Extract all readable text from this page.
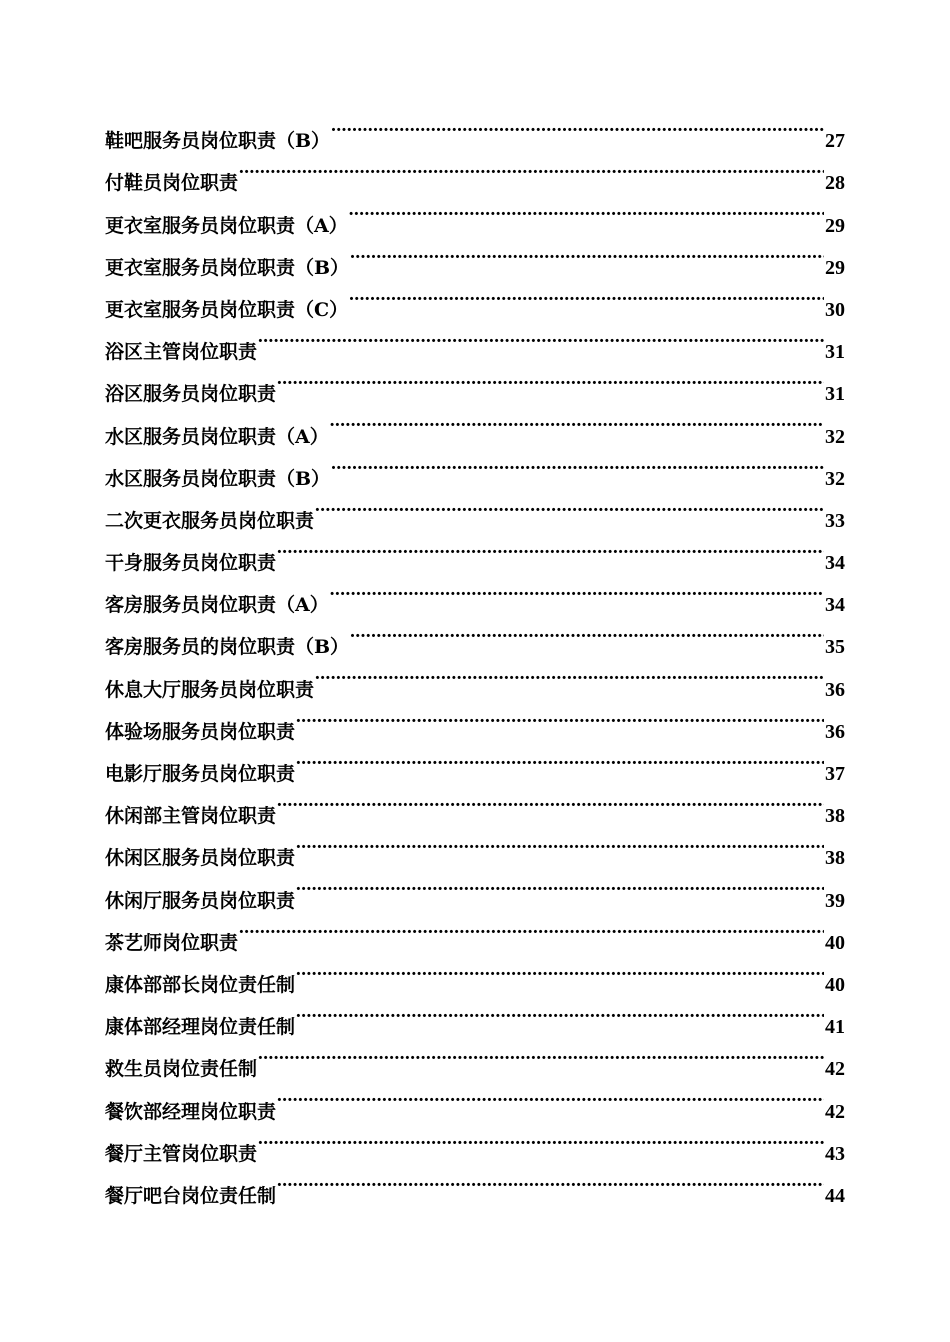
鞋吧服务员岗位职责（B） .....	27
付鞋员岗位职责 .....	28
更衣室服务员岗位职责（A） .....	29
更衣室服务员岗位职责（B） .....	29
更衣室服务员岗位职责（C） .....	30
浴区主管岗位职责 .....	31
浴区服务员岗位职责 .....	31
水区服务员岗位职责（A） .....	32
水区服务员岗位职责（B） .....	32
二次更衣服务员岗位职责 .....	33
干身服务员岗位职责 .....	34
客房服务员岗位职责（A） .....	34
客房服务员的岗位职责（B） .....	35
休息大厅服务员岗位职责 .....	36
体验场服务员岗位职责 .....	36
电影厅服务员岗位职责 .....	37
休闲部主管岗位职责 .....	38
休闲区服务员岗位职责 .....	38
休闲厅服务员岗位职责 .....	39
茶艺师岗位职责 .....	40
康体部部长岗位责任制 .....	40
康体部经理岗位责任制 .....	41
救生员岗位责任制 .....	42
餐饮部经理岗位职责 .....	42
餐厅主管岗位职责 .....	43
餐厅吧台岗位责任制 .....	44
